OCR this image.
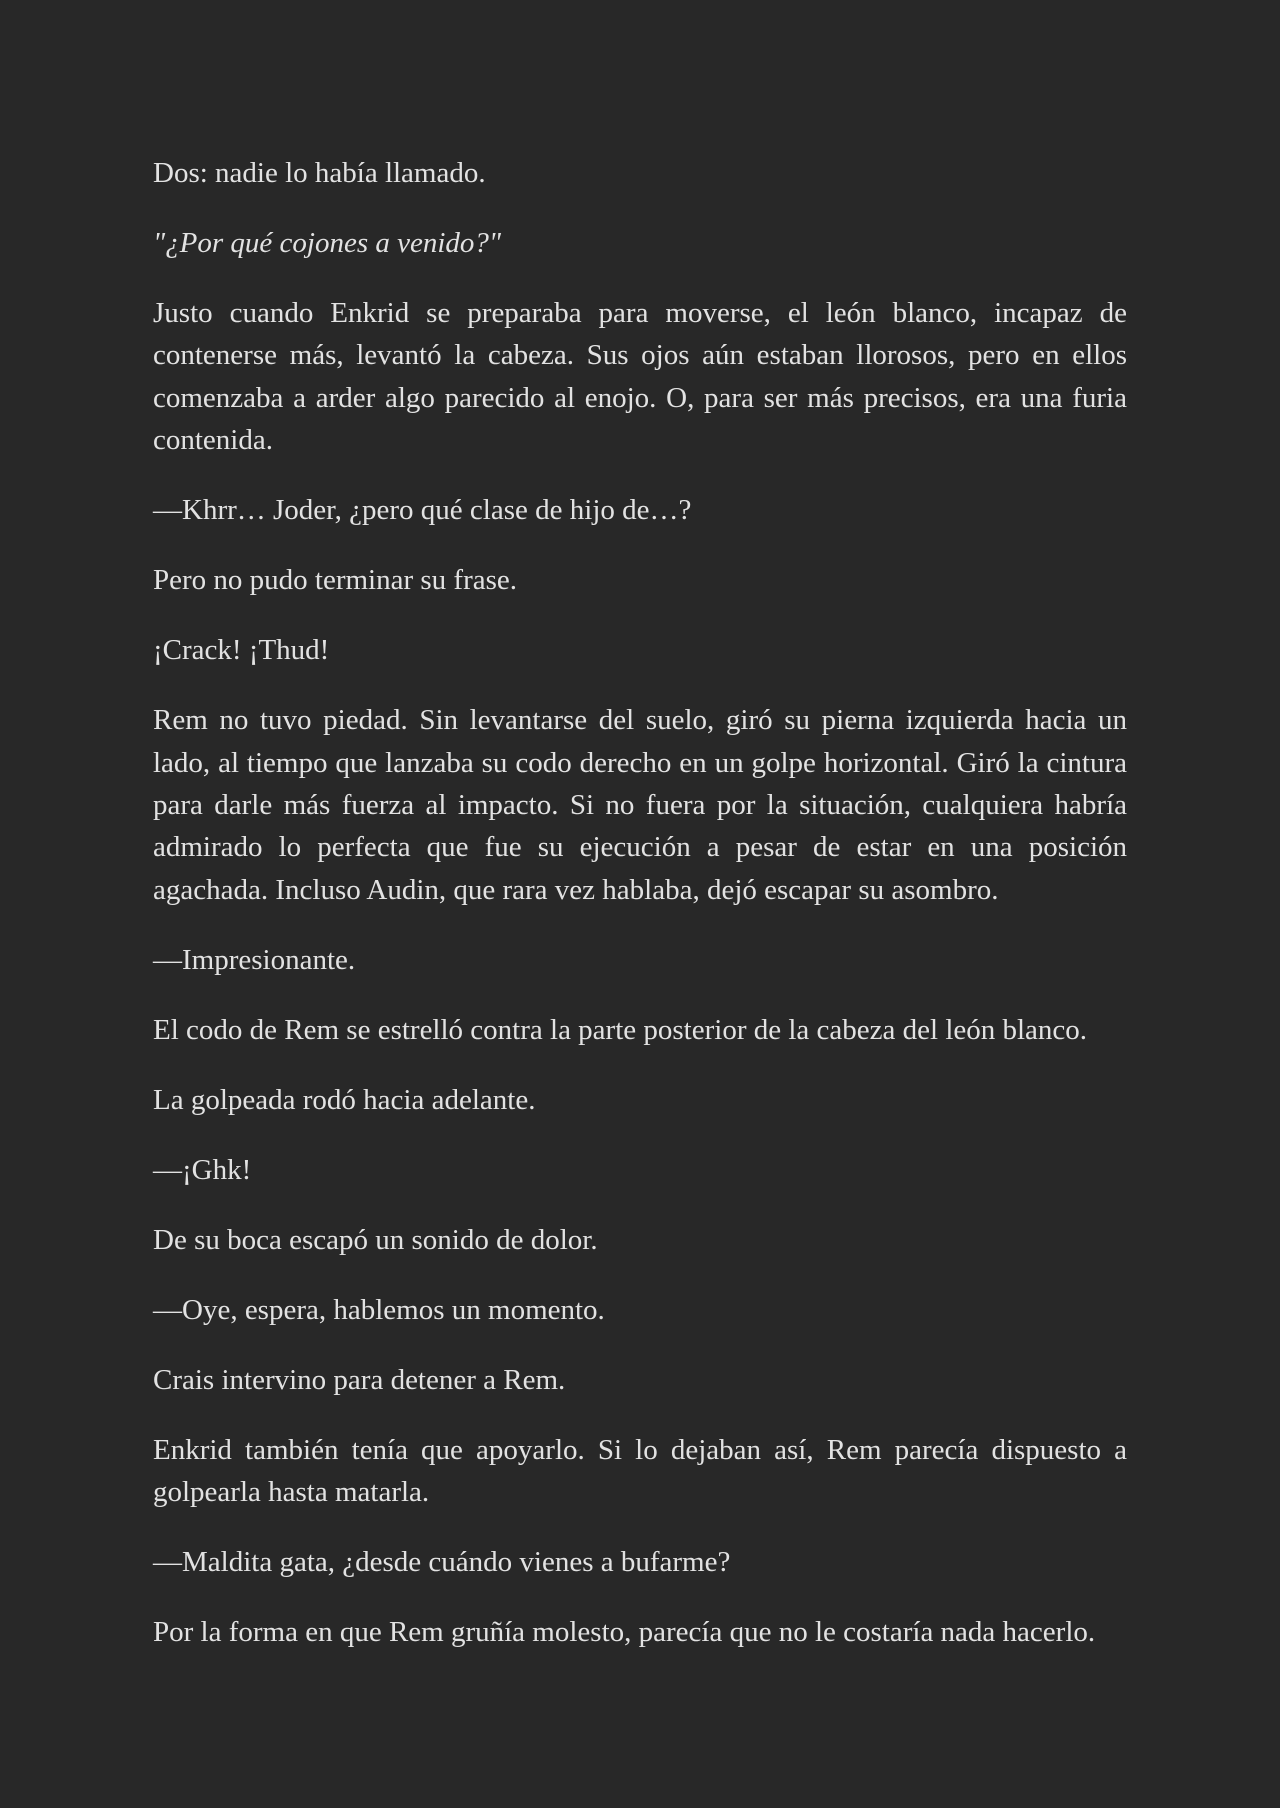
Dos: nadie lo había llamado.

"¿Por qué cojones a venido?"

Justo cuando Enkrid se preparaba para moverse, el león blanco, incapaz de contenerse más, levantó la cabeza. Sus ojos aún estaban llorosos, pero en ellos comenzaba a arder algo parecido al enojo. O, para ser más precisos, era una furia contenida.

—Khrr… Joder, ¿pero qué clase de hijo de…?

Pero no pudo terminar su frase.

¡Crack! ¡Thud!

Rem no tuvo piedad. Sin levantarse del suelo, giró su pierna izquierda hacia un lado, al tiempo que lanzaba su codo derecho en un golpe horizontal. Giró la cintura para darle más fuerza al impacto. Si no fuera por la situación, cualquiera habría admirado lo perfecta que fue su ejecución a pesar de estar en una posición agachada. Incluso Audin, que rara vez hablaba, dejó escapar su asombro.

—Impresionante.

El codo de Rem se estrelló contra la parte posterior de la cabeza del león blanco.

La golpeada rodó hacia adelante.

—¡Ghk!

De su boca escapó un sonido de dolor.

—Oye, espera, hablemos un momento.

Crais intervino para detener a Rem.

Enkrid también tenía que apoyarlo. Si lo dejaban así, Rem parecía dispuesto a golpearla hasta matarla.

—Maldita gata, ¿desde cuándo vienes a bufarme?

Por la forma en que Rem gruñía molesto, parecía que no le costaría nada hacerlo.
